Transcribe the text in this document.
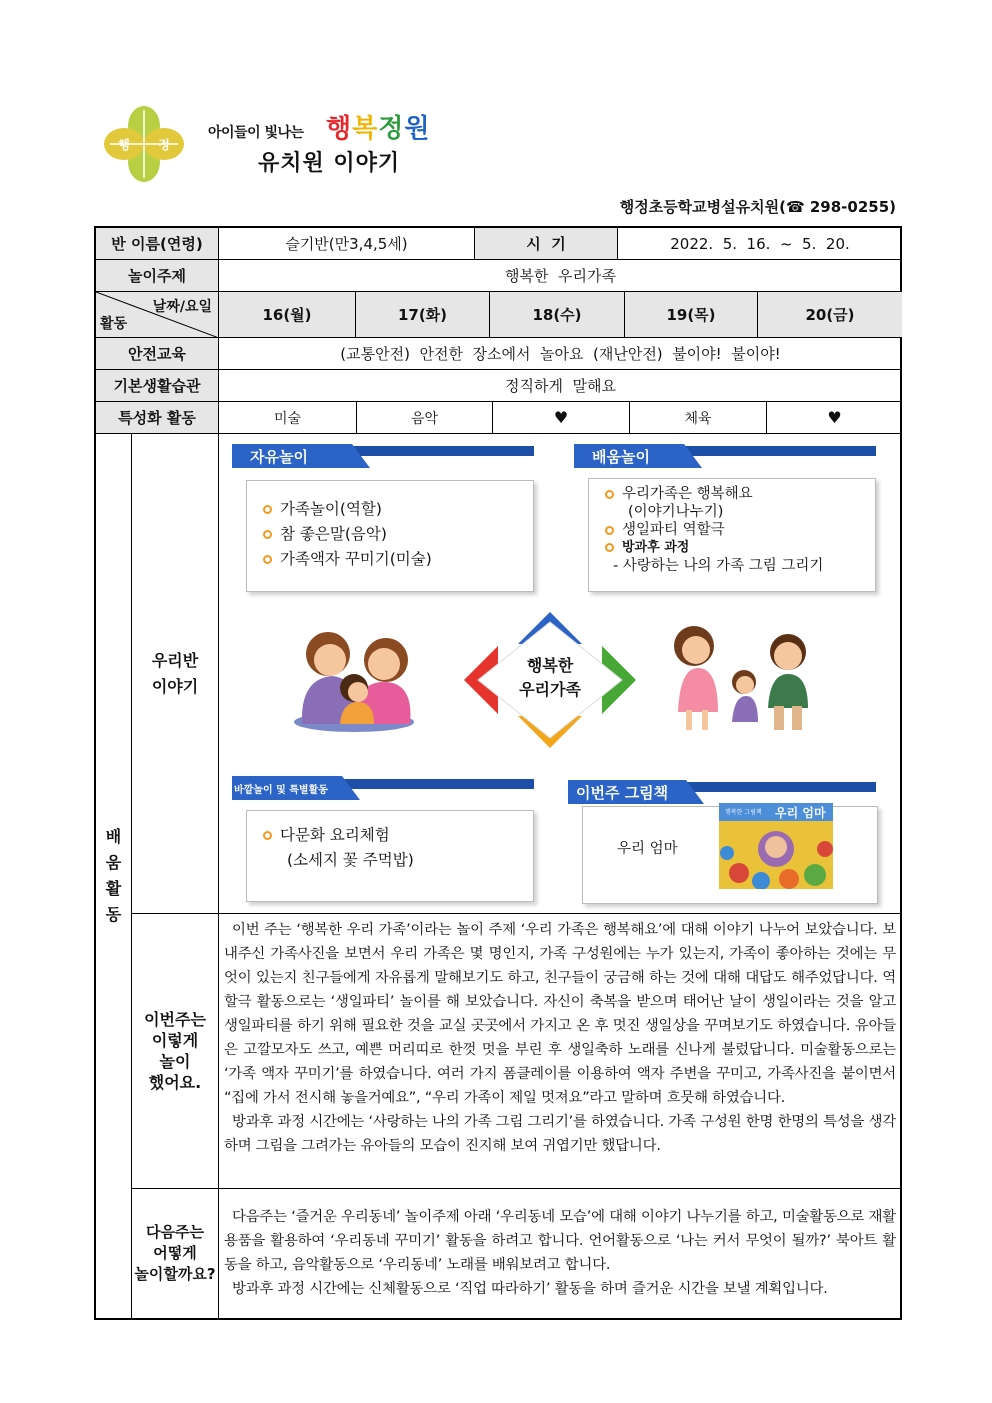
행 정
아이들이 빛나는 행복정원
유치원 이야기
행정초등학교병설유치원(☎ 298-0255)
반 이름(연령)	슬기반(만3,4,5세)	시  기	2022.  5.  16.  ~  5.  20.
놀이주제	행복한  우리가족
날짜/요일
활동	16(월)	17(화)	18(수)	19(목)	20(금)
안전교육	(교통안전)  안전한  장소에서  놀아요  (재난안전)  불이야!  불이야!
기본생활습관	정직하게  말해요
특성화 활동	미술	음악	♥	체육	♥
배
움
활
동
우리반
이야기
이번주는
이렇게
놀이
했어요.

이번 주는 ‘행복한 우리 가족’이라는 놀이 주제 ‘우리 가족은 행복해요’에 대해 이야기 나누어 보았습니다. 보내주신 가족사진을 보면서 우리 가족은 몇 명인지, 가족 구성원에는 누가 있는지, 가족이 좋아하는 것에는 무엇이 있는지 친구들에게 자유롭게 말해보기도 하고, 친구들이 궁금해 하는 것에 대해 대답도 해주었답니다. 역할극 활동으로는 ‘생일파티’ 놀이를 해 보았습니다. 자신이 축복을 받으며 태어난 날이 생일이라는 것을 알고 생일파티를 하기 위해 필요한 것을 교실 곳곳에서 가지고 온 후 멋진 생일상을 꾸며보기도 하였습니다. 유아들은 고깔모자도 쓰고, 예쁜 머리띠로 한껏 멋을 부린 후 생일축하 노래를 신나게 불렀답니다. 미술활동으로는 ‘가족 액자 꾸미기’를 하였습니다. 여러 가지 폼클레이를 이용하여 액자 주변을 꾸미고, 가족사진을 붙이면서 “집에 가서 전시해 놓을거예요”, “우리 가족이 제일 멋져요”라고 말하며 흐뭇해 하였습니다.

방과후 과정 시간에는 ‘사랑하는 나의 가족 그림 그리기’를 하였습니다. 가족 구성원 한명 한명의 특성을 생각하며 그림을 그려가는 유아들의 모습이 진지해 보여 귀엽기만 했답니다.

다음주는
어떻게
놀이할까요?

다음주는 ‘즐거운 우리동네’ 놀이주제 아래 ‘우리동네 모습’에 대해 이야기 나누기를 하고, 미술활동으로 재활용품을 활용하여 ‘우리동네 꾸미기’ 활동을 하려고 합니다. 언어활동으로 ‘나는 커서 무엇이 될까?’ 북아트 활동을 하고, 음악활동으로 ‘우리동네’ 노래를 배워보려고 합니다.

방과후 과정 시간에는 신체활동으로 ‘직업 따라하기’ 활동을 하며 즐거운 시간을 보낼 계획입니다.

자유놀이
가족놀이(역할)
참 좋은말(음악)
가족액자 꾸미기(미술)
배움놀이
우리가족은 행복해요
(이야기나누기)
생일파티 역할극
방과후 과정
- 사랑하는 나의 가족 그림 그리기
행복한
우리가족
바깥놀이 및 특별활동
다문화 요리체험
(소세지 꽃 주먹밥)
이번주 그림책
우리 엄마
행복한 그림책 우리 엄마
